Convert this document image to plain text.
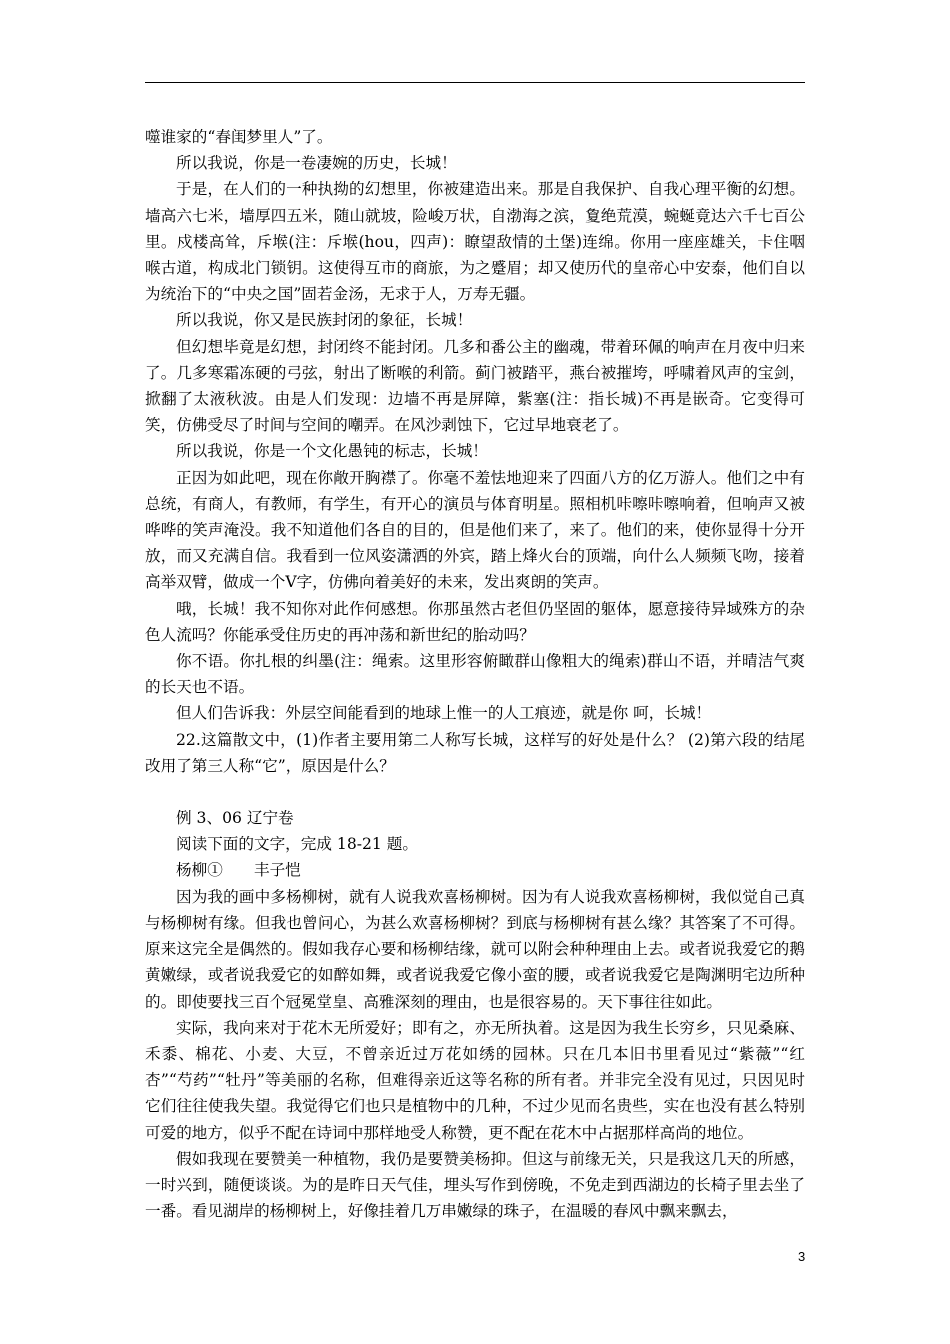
噬谁家的“春闺梦里人”了。

所以我说，你是一卷凄婉的历史，长城！

于是，在人们的一种执拗的幻想里，你被建造出来。那是自我保护、自我心理平衡的幻想。墙高六七米，墙厚四五米，随山就坡，险峻万状，自渤海之滨，夐绝荒漠，蜿蜒竟达六千七百公里。戍楼高耸，斥堠(注：斥堠(hou，四声)：瞭望敌情的土堡)连绵。你用一座座雄关，卡住咽喉古道，构成北门锁钥。这使得互市的商旅，为之蹙眉；却又使历代的皇帝心中安泰，他们自以为统治下的“中央之国”固若金汤，无求于人，万寿无疆。

所以我说，你又是民族封闭的象征，长城！

但幻想毕竟是幻想，封闭终不能封闭。几多和番公主的幽魂，带着环佩的响声在月夜中归来了。几多寒霜冻硬的弓弦，射出了断喉的利箭。蓟门被踏平，燕台被摧垮，呼啸着风声的宝剑，掀翻了太液秋波。由是人们发现：边墙不再是屏障，紫塞(注：指长城)不再是嵌奇。它变得可笑，仿佛受尽了时间与空间的嘲弄。在风沙剥蚀下，它过早地衰老了。

所以我说，你是一个文化愚钝的标志，长城！

正因为如此吧，现在你敞开胸襟了。你毫不羞怯地迎来了四面八方的亿万游人。他们之中有总统，有商人，有教师，有学生，有开心的演员与体育明星。照相机咔嚓咔嚓响着，但响声又被哗哗的笑声淹没。我不知道他们各自的目的，但是他们来了，来了。他们的来，使你显得十分开放，而又充满自信。我看到一位风姿潇洒的外宾，踏上烽火台的顶端，向什么人频频飞吻，接着高举双臂，做成一个Ⅴ字，仿佛向着美好的未来，发出爽朗的笑声。

哦，长城！我不知你对此作何感想。你那虽然古老但仍坚固的躯体，愿意接待异域殊方的杂色人流吗？你能承受住历史的再冲荡和新世纪的胎动吗？

你不语。你扎根的纠墨(注：绳索。这里形容俯瞰群山像粗大的绳索)群山不语，并晴洁气爽的长天也不语。

但人们告诉我：外层空间能看到的地球上惟一的人工痕迹，就是你 呵，长城！

22.这篇散文中，(1)作者主要用第二人称写长城，这样写的好处是什么？ (2)第六段的结尾改用了第三人称“它”，原因是什么？

例 3、06 辽宁卷

阅读下面的文字，完成 18-21 题。

杨柳①　　丰子恺

因为我的画中多杨柳树，就有人说我欢喜杨柳树。因为有人说我欢喜杨柳树，我似觉自己真与杨柳树有缘。但我也曾问心，为甚么欢喜杨柳树？到底与杨柳树有甚么缘？其答案了不可得。原来这完全是偶然的。假如我存心要和杨柳结缘，就可以附会种种理由上去。或者说我爱它的鹅黄嫩绿，或者说我爱它的如醉如舞，或者说我爱它像小蛮的腰，或者说我爱它是陶渊明宅边所种的。即使要找三百个冠冕堂皇、高雅深刻的理由，也是很容易的。天下事往往如此。

实际，我向来对于花木无所爱好；即有之，亦无所执着。这是因为我生长穷乡，只见桑麻、禾黍、棉花、小麦、大豆，不曾亲近过万花如绣的园林。只在几本旧书里看见过“紫薇”“红杏”“芍药”“牡丹”等美丽的名称，但难得亲近这等名称的所有者。并非完全没有见过，只因见时它们往往使我失望。我觉得它们也只是植物中的几种，不过少见而名贵些，实在也没有甚么特别可爱的地方，似乎不配在诗词中那样地受人称赞，更不配在花木中占据那样高尚的地位。

假如我现在要赞美一种植物，我仍是要赞美杨抑。但这与前缘无关，只是我这几天的所感，一时兴到，随便谈谈。为的是昨日天气佳，埋头写作到傍晚，不免走到西湖边的长椅子里去坐了一番。看见湖岸的杨柳树上，好像挂着几万串嫩绿的珠子，在温暖的春风中飘来飘去，

3
